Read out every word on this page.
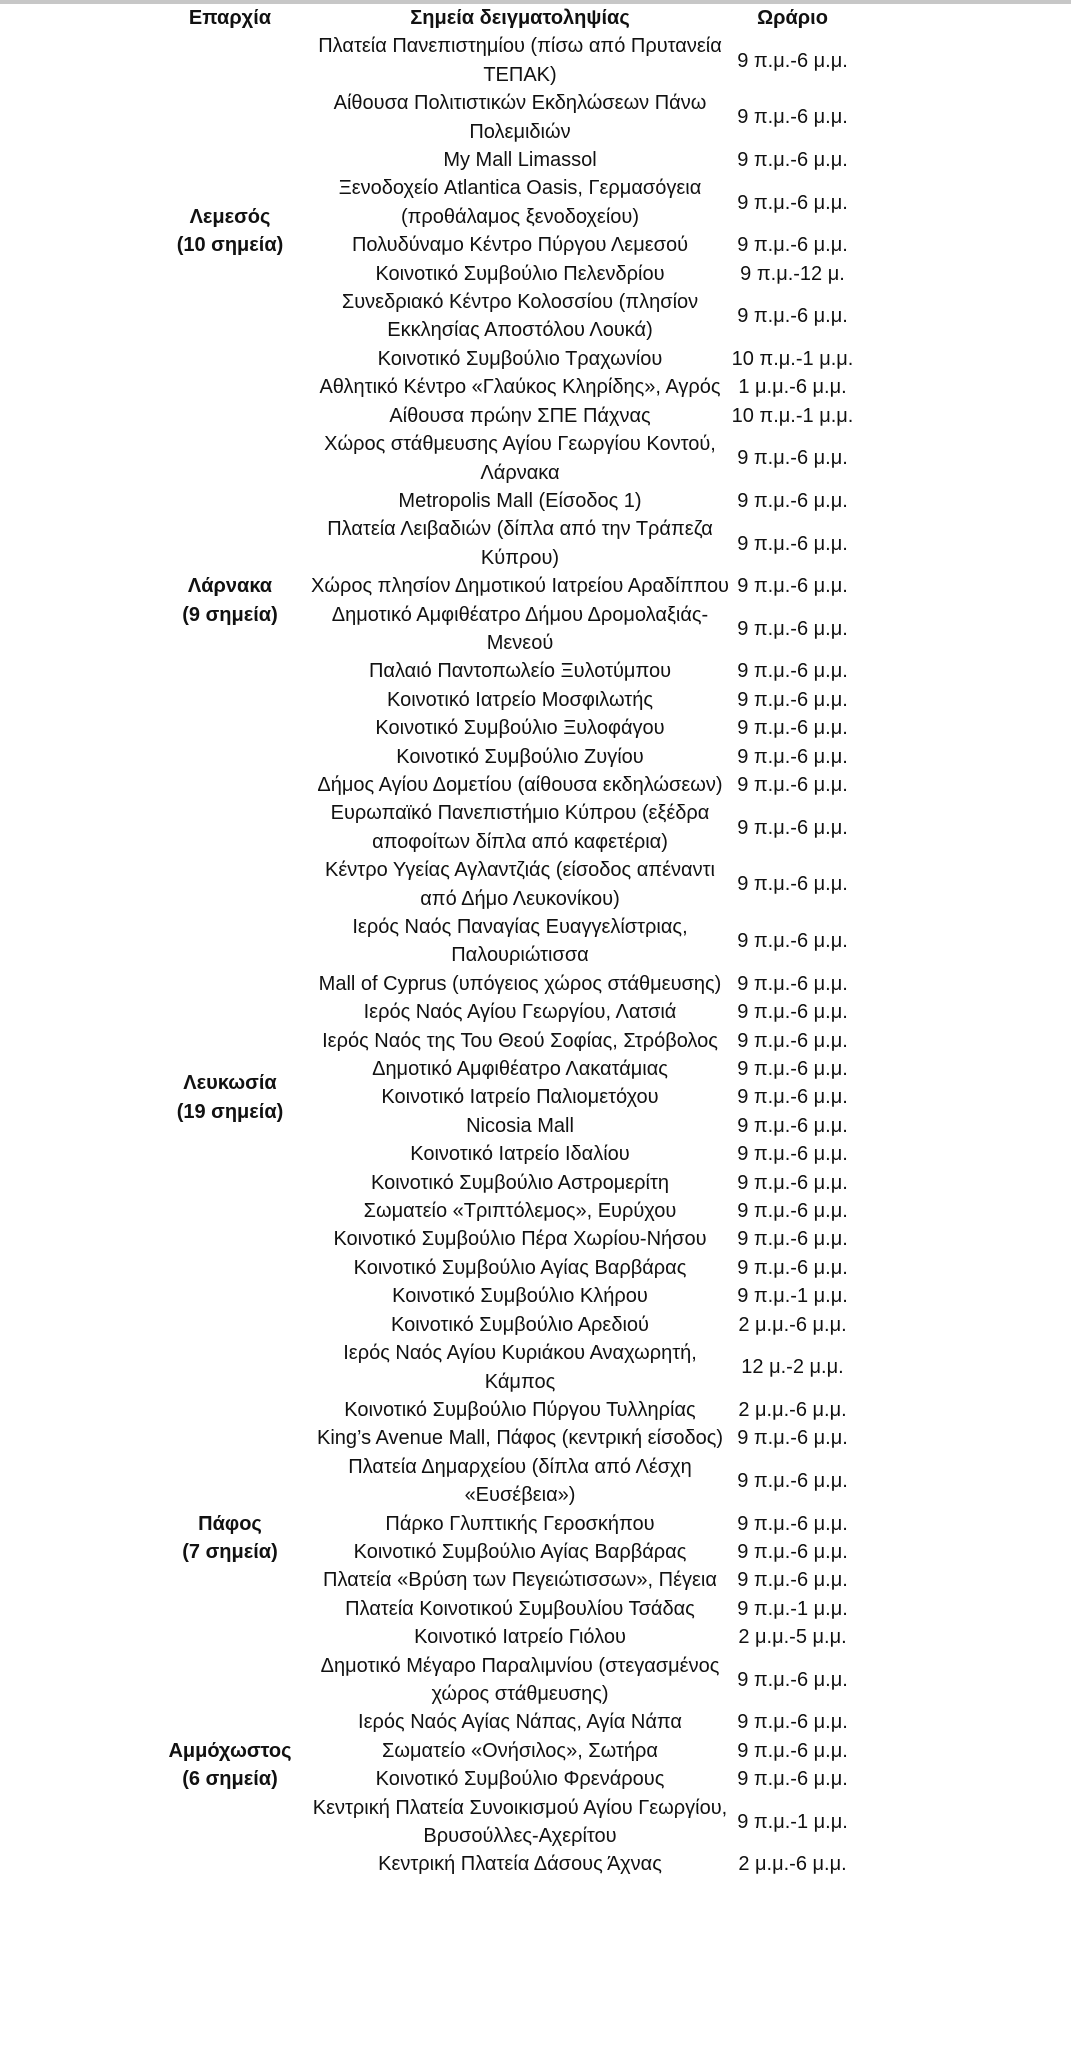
Επαρχία	Σημεία δειγματοληψίας	Ωράριο

Λεμεσός
(10 σημεία)	Πλατεία Πανεπιστημίου (πίσω από Πρυτανεία ΤΕΠΑΚ)	9 π.μ.-6 μ.μ.
	Αίθουσα Πολιτιστικών Εκδηλώσεων Πάνω Πολεμιδιών	9 π.μ.-6 μ.μ.
	My Mall Limassol	9 π.μ.-6 μ.μ.
	Ξενοδοχείο Atlantica Oasis, Γερμασόγεια (προθάλαμος ξενοδοχείου)	9 π.μ.-6 μ.μ.
	Πολυδύναμο Κέντρο Πύργου Λεμεσού	9 π.μ.-6 μ.μ.
	Κοινοτικό Συμβούλιο Πελενδρίου	9 π.μ.-12 μ.
	Συνεδριακό Κέντρο Κολοσσίου (πλησίον Εκκλησίας Αποστόλου Λουκά)	9 π.μ.-6 μ.μ.
	Κοινοτικό Συμβούλιο Τραχωνίου	10 π.μ.-1 μ.μ.
	Αθλητικό Κέντρο «Γλαύκος Κληρίδης», Αγρός	1 μ.μ.-6 μ.μ.
	Αίθουσα πρώην ΣΠΕ Πάχνας	10 π.μ.-1 μ.μ.

Λάρνακα
(9 σημεία)	Χώρος στάθμευσης Αγίου Γεωργίου Κοντού, Λάρνακα	9 π.μ.-6 μ.μ.
	Metropolis Mall (Είσοδος 1)	9 π.μ.-6 μ.μ.
	Πλατεία Λειβαδιών (δίπλα από την Τράπεζα Κύπρου)	9 π.μ.-6 μ.μ.
	Χώρος πλησίον Δημοτικού Ιατρείου Αραδίππου	9 π.μ.-6 μ.μ.
	Δημοτικό Αμφιθέατρο Δήμου Δρομολαξιάς-Μενεού	9 π.μ.-6 μ.μ.
	Παλαιό Παντοπωλείο Ξυλοτύμπου	9 π.μ.-6 μ.μ.
	Κοινοτικό Ιατρείο Μοσφιλωτής	9 π.μ.-6 μ.μ.
	Κοινοτικό Συμβούλιο Ξυλοφάγου	9 π.μ.-6 μ.μ.
	Κοινοτικό Συμβούλιο Ζυγίου	9 π.μ.-6 μ.μ.

Λευκωσία
(19 σημεία)	Δήμος Αγίου Δομετίου (αίθουσα εκδηλώσεων)	9 π.μ.-6 μ.μ.
	Ευρωπαϊκό Πανεπιστήμιο Κύπρου (εξέδρα αποφοίτων δίπλα από καφετέρια)	9 π.μ.-6 μ.μ.
	Κέντρο Υγείας Αγλαντζιάς (είσοδος απέναντι από Δήμο Λευκονίκου)	9 π.μ.-6 μ.μ.
	Ιερός Ναός Παναγίας Ευαγγελίστριας, Παλουριώτισσα	9 π.μ.-6 μ.μ.
	Mall of Cyprus (υπόγειος χώρος στάθμευσης)	9 π.μ.-6 μ.μ.
	Ιερός Ναός Αγίου Γεωργίου, Λατσιά	9 π.μ.-6 μ.μ.
	Ιερός Ναός της Του Θεού Σοφίας, Στρόβολος	9 π.μ.-6 μ.μ.
	Δημοτικό Αμφιθέατρο Λακατάμιας	9 π.μ.-6 μ.μ.
	Κοινοτικό Ιατρείο Παλιομετόχου	9 π.μ.-6 μ.μ.
	Nicosia Mall	9 π.μ.-6 μ.μ.
	Κοινοτικό Ιατρείο Ιδαλίου	9 π.μ.-6 μ.μ.
	Κοινοτικό Συμβούλιο Αστρομερίτη	9 π.μ.-6 μ.μ.
	Σωματείο «Τριπτόλεμος», Ευρύχου	9 π.μ.-6 μ.μ.
	Κοινοτικό Συμβούλιο Πέρα Χωρίου-Νήσου	9 π.μ.-6 μ.μ.
	Κοινοτικό Συμβούλιο Αγίας Βαρβάρας	9 π.μ.-6 μ.μ.
	Κοινοτικό Συμβούλιο Κλήρου	9 π.μ.-1 μ.μ.
	Κοινοτικό Συμβούλιο Αρεδιού	2 μ.μ.-6 μ.μ.
	Ιερός Ναός Αγίου Κυριάκου Αναχωρητή, Κάμπος	12 μ.-2 μ.μ.
	Κοινοτικό Συμβούλιο Πύργου Τυλληρίας	2 μ.μ.-6 μ.μ.

Πάφος
(7 σημεία)	King’s Avenue Mall, Πάφος (κεντρική είσοδος)	9 π.μ.-6 μ.μ.
	Πλατεία Δημαρχείου (δίπλα από Λέσχη «Ευσέβεια»)	9 π.μ.-6 μ.μ.
	Πάρκο Γλυπτικής Γεροσκήπου	9 π.μ.-6 μ.μ.
	Κοινοτικό Συμβούλιο Αγίας Βαρβάρας	9 π.μ.-6 μ.μ.
	Πλατεία «Βρύση των Πεγειώτισσων», Πέγεια	9 π.μ.-6 μ.μ.
	Πλατεία Κοινοτικού Συμβουλίου Τσάδας	9 π.μ.-1 μ.μ.
	Κοινοτικό Ιατρείο Γιόλου	2 μ.μ.-5 μ.μ.

Αμμόχωστος
(6 σημεία)	Δημοτικό Μέγαρο Παραλιμνίου (στεγασμένος χώρος στάθμευσης)	9 π.μ.-6 μ.μ.
	Ιερός Ναός Αγίας Νάπας, Αγία Νάπα	9 π.μ.-6 μ.μ.
	Σωματείο «Ονήσιλος», Σωτήρα	9 π.μ.-6 μ.μ.
	Κοινοτικό Συμβούλιο Φρενάρους	9 π.μ.-6 μ.μ.
	Κεντρική Πλατεία Συνοικισμού Αγίου Γεωργίου, Βρυσούλλες-Αχερίτου	9 π.μ.-1 μ.μ.
	Κεντρική Πλατεία Δάσους Άχνας	2 μ.μ.-6 μ.μ.
